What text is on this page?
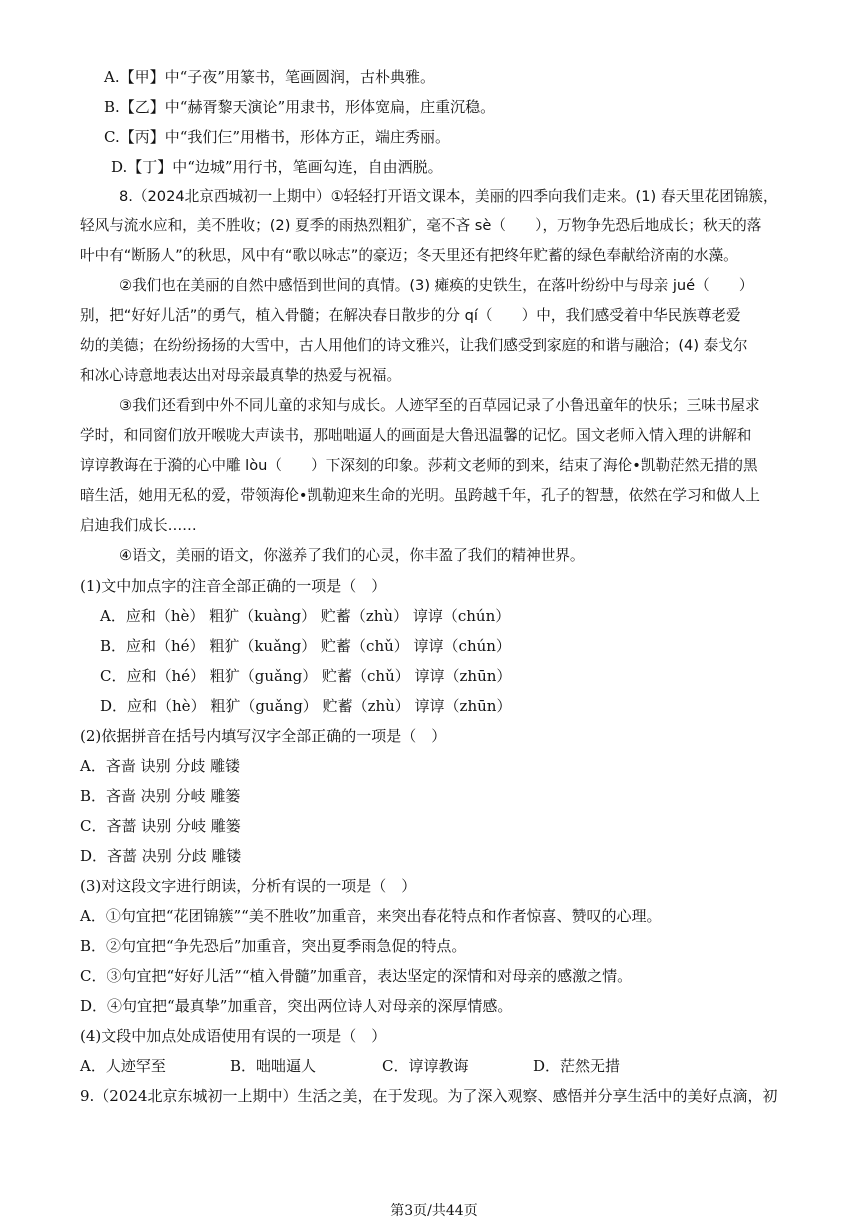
A.【甲】中“子夜”用篆书，笔画圆润，古朴典雅。
B.【乙】中“赫胥黎天演论”用隶书，形体宽扁，庄重沉稳。
C.【丙】中“我们仨”用楷书，形体方正，端庄秀丽。
D.【丁】中“边城”用行书，笔画勾连，自由洒脱。
8.（2024北京西城初一上期中）①轻轻打开语文课本，美丽的四季向我们走来。(1) 春天里花团锦簇，
轻风与流水应和，美不胜收；(2) 夏季的雨热烈粗犷，毫不吝 sè（　　），万物争先恐后地成长；秋天的落
叶中有“断肠人”的秋思，风中有“歌以咏志”的豪迈；冬天里还有把终年贮蓄的绿色奉献给济南的水藻。
②我们也在美丽的自然中感悟到世间的真情。(3) 瘫痪的史铁生，在落叶纷纷中与母亲 jué（　　）
别，把“好好儿活”的勇气，植入骨髓；在解决春日散步的分 qí（　　）中，我们感受着中华民族尊老爱
幼的美德；在纷纷扬扬的大雪中，古人用他们的诗文雅兴，让我们感受到家庭的和谐与融洽；(4) 泰戈尔
和冰心诗意地表达出对母亲最真挚的热爱与祝福。
③我们还看到中外不同儿童的求知与成长。人迹罕至的百草园记录了小鲁迅童年的快乐；三味书屋求
学时，和同窗们放开喉咙大声读书，那咄咄逼人的画面是大鲁迅温馨的记忆。国文老师入情入理的讲解和
谆谆教诲在于漪的心中雕 lòu（　　）下深刻的印象。莎莉文老师的到来，结束了海伦•凯勒茫然无措的黑
暗生活，她用无私的爱，带领海伦•凯勒迎来生命的光明。虽跨越千年，孔子的智慧，依然在学习和做人上
启迪我们成长……
④语文，美丽的语文，你滋养了我们的心灵，你丰盈了我们的精神世界。
(1)文中加点字的注音全部正确的一项是（　）
A．应和（hè） 粗犷（kuàng） 贮蓄（zhù） 谆谆（chún）
B．应和（hé） 粗犷（kuǎng） 贮蓄（chǔ） 谆谆（chún）
C．应和（hé） 粗犷（guǎng） 贮蓄（chǔ） 谆谆（zhūn）
D．应和（hè） 粗犷（guǎng） 贮蓄（zhù） 谆谆（zhūn）
(2)依据拼音在括号内填写汉字全部正确的一项是（　）
A．吝啬 诀别 分歧 雕镂
B．吝啬 决别 分岐 雕篓
C．吝蔷 诀别 分岐 雕篓
D．吝蔷 决别 分歧 雕镂
(3)对这段文字进行朗读，分析有误的一项是（　）
A．①句宜把“花团锦簇”“美不胜收”加重音，来突出春花特点和作者惊喜、赞叹的心理。
B．②句宜把“争先恐后”加重音，突出夏季雨急促的特点。
C．③句宜把“好好儿活”“植入骨髓”加重音，表达坚定的深情和对母亲的感激之情。
D．④句宜把“最真挚”加重音，突出两位诗人对母亲的深厚情感。
(4)文段中加点处成语使用有误的一项是（　）
A．人迹罕至	B．咄咄逼人	C．谆谆教诲	D．茫然无措
9.（2024北京东城初一上期中）生活之美，在于发现。为了深入观察、感悟并分享生活中的美好点滴，初
第3页/共44页
